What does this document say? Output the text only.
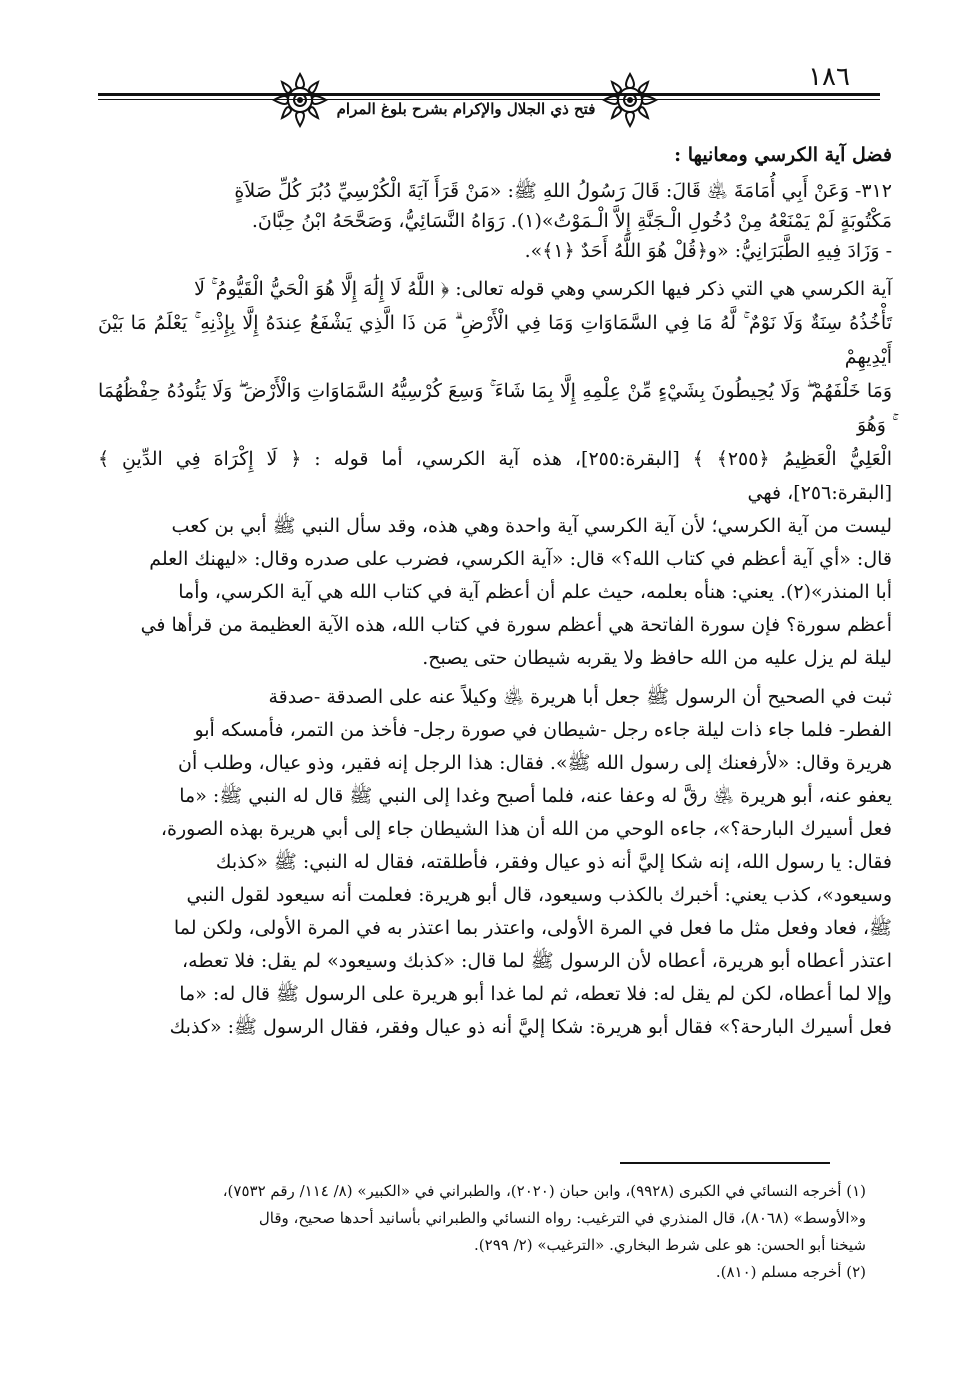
١٨٦
فتح ذي الجلال والإكرام بشرح بلوغ المرام

فضل آية الكرسي ومعانيها :

٣١٢- وَعَنْ أَبِي أُمَامَةَ ﵁ قَالَ: قَالَ رَسُولُ اللهِ ﷺ: «مَنْ قَرَأَ آيَةَ الْكُرْسِيِّ دُبُرَ كُلِّ صَلاَةٍ

مَكْتُوبَةٍ لَمْ يَمْنَعْهُ مِنْ دُخُولِ الْـجَنَّةِ إِلاَّ الْـمَوْتُ»(١). رَوَاهُ النَّسَائِيُّ، وَصَحَّحَهُ ابْنُ حِبَّانَ.

- وَزَادَ فِيهِ الطَّبَرَانِيُّ: «و﴿قُلْ هُوَ اللَّهُ أَحَدٌ ﴿١﴾».

آية الكرسي هي التي ذكر فيها الكرسي وهي قوله تعالى: ﴿ اللَّهُ لَا إِلَٰهَ إِلَّا هُوَ الْحَيُّ الْقَيُّومُ ۚ لَا

تَأْخُذُهُ سِنَةٌ وَلَا نَوْمٌ ۚ لَّهُ مَا فِي السَّمَاوَاتِ وَمَا فِي الْأَرْضِ ۗ مَن ذَا الَّذِي يَشْفَعُ عِندَهُ إِلَّا بِإِذْنِهِ ۚ يَعْلَمُ مَا بَيْنَ أَيْدِيهِمْ

وَمَا خَلْفَهُمْ ۖ وَلَا يُحِيطُونَ بِشَيْءٍ مِّنْ عِلْمِهِ إِلَّا بِمَا شَاءَ ۚ وَسِعَ كُرْسِيُّهُ السَّمَاوَاتِ وَالْأَرْضَ ۖ وَلَا يَئُودُهُ حِفْظُهُمَا ۚ وَهُوَ

الْعَلِيُّ الْعَظِيمُ ﴿٢٥٥﴾ ﴾ [البقرة:٢٥٥]، هذه آية الكرسي، أما قوله : ﴿ لَا إِكْرَاهَ فِي الدِّينِ ﴾ [البقرة:٢٥٦]، فهي

ليست من آية الكرسي؛ لأن آية الكرسي آية واحدة وهي هذه، وقد سأل النبي ﷺ أبي بن كعب

قال: «أي آية أعظم في كتاب الله؟» قال: «آية الكرسي، فضرب على صدره وقال: «ليهنك العلم

أبا المنذر»(٢). يعني: هنأه بعلمه، حيث علم أن أعظم آية في كتاب الله هي آية الكرسي، وأما

أعظم سورة؟ فإن سورة الفاتحة هي أعظم سورة في كتاب الله، هذه الآية العظيمة من قرأها في

ليلة لم يزل عليه من الله حافظ ولا يقربه شيطان حتى يصبح.

ثبت في الصحيح أن الرسول ﷺ جعل أبا هريرة ﵁ وكيلاً عنه على الصدقة -صدقة

الفطر- فلما جاء ذات ليلة جاءه رجل -شيطان في صورة رجل- فأخذ من التمر، فأمسكه أبو

هريرة وقال: «لأرفعنك إلى رسول الله ﷺ». فقال: هذا الرجل إنه فقير، وذو عيال، وطلب أن

يعفو عنه، أبو هريرة ﵁ رقَّ له وعفا عنه، فلما أصبح وغدا إلى النبي ﷺ قال له النبي ﷺ: «ما

فعل أسيرك البارحة؟»، جاءه الوحي من الله أن هذا الشيطان جاء إلى أبي هريرة بهذه الصورة،

فقال: يا رسول الله، إنه شكا إليَّ أنه ذو عيال وفقر، فأطلقته، فقال له النبي: ﷺ «كذبك

وسيعود»، كذب يعني: أخبرك بالكذب وسيعود، قال أبو هريرة: فعلمت أنه سيعود لقول النبي

ﷺ، فعاد وفعل مثل ما فعل في المرة الأولى، واعتذر بما اعتذر به في المرة الأولى، ولكن لما

اعتذر أعطاه أبو هريرة، أعطاه لأن الرسول ﷺ لما قال: «كذبك وسيعود» لم يقل: فلا تعطه،

وإلا لما أعطاه، لكن لم يقل له: فلا تعطه، ثم لما غدا أبو هريرة على الرسول ﷺ قال له: «ما

فعل أسيرك البارحة؟» فقال أبو هريرة: شكا إليَّ أنه ذو عيال وفقر، فقال الرسول ﷺ: «كذبك

(١) أخرجه النسائي في الكبرى (٩٩٢٨)، وابن حبان (٢٠٢٠)، والطبراني في «الكبير» (٨/ ١١٤/ رقم ٧٥٣٢)،

و«الأوسط» (٨٠٦٨)، قال المنذري في الترغيب: رواه النسائي والطبراني بأسانيد أحدها صحيح، وقال

شيخنا أبو الحسن: هو على شرط البخاري. «الترغيب» (٢/ ٢٩٩).

(٢) أخرجه مسلم (٨١٠).
